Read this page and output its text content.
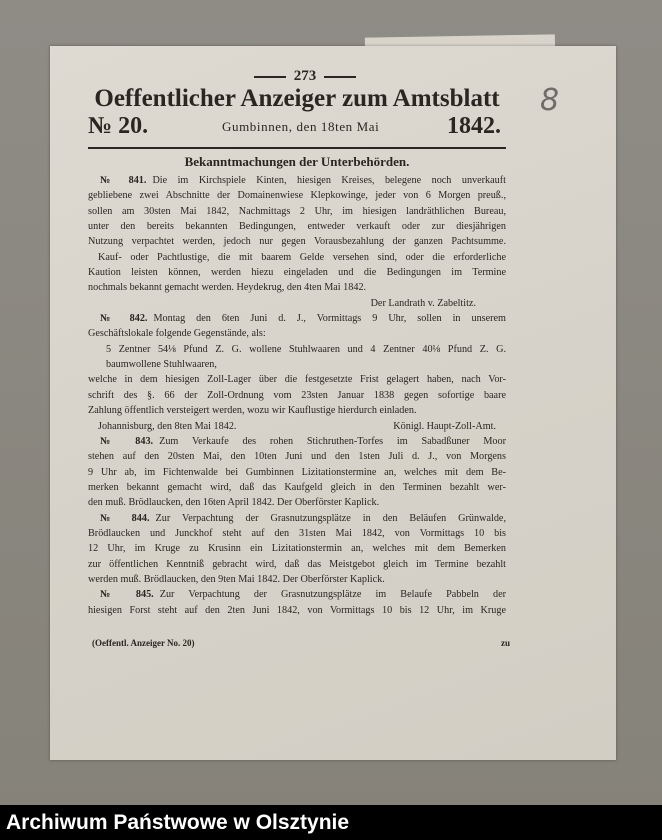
273
Oeffentlicher Anzeiger zum Amtsblatt
№ 20.	Gumbinnen, den 18ten Mai	1842.
8
Bekanntmachungen der Unterbehörden.
№ 841. Die im Kirchspiele Kinten, hiesigen Kreises, belegene noch unverkauft
gebliebene zwei Abschnitte der Domainenwiese Klepkowinge, jeder von 6 Morgen preuß.,
sollen am 30sten Mai 1842, Nachmittags 2 Uhr, im hiesigen landräthlichen Bureau,
unter den bereits bekannten Bedingungen, entweder verkauft oder zur diesjährigen
Nutzung verpachtet werden, jedoch nur gegen Vorausbezahlung der ganzen Pachtsumme.
Kauf- oder Pachtlustige, die mit baarem Gelde versehen sind, oder die erforderliche
Kaution leisten können, werden hiezu eingeladen und die Bedingungen im Termine
nochmals bekannt gemacht werden. Heydekrug, den 4ten Mai 1842.
Der Landrath v. Zabeltitz.
№ 842. Montag den 6ten Juni d. J., Vormittags 9 Uhr, sollen in unserem
Geschäftslokale folgende Gegenstände, als:
5 Zentner 54⅛ Pfund Z. G. wollene Stuhlwaaren und 4 Zentner 40⅛ Pfund Z. G.
baumwollene Stuhlwaaren,
welche in dem hiesigen Zoll-Lager über die festgesetzte Frist gelagert haben, nach Vor-
schrift des §. 66 der Zoll-Ordnung vom 23sten Januar 1838 gegen sofortige baare
Zahlung öffentlich versteigert werden, wozu wir Kauflustige hierdurch einladen.
Johannisburg, den 8ten Mai 1842.	Königl. Haupt-Zoll-Amt.
№ 843. Zum Verkaufe des rohen Stichruthen-Torfes im Sabadßuner Moor
stehen auf den 20sten Mai, den 10ten Juni und den 1sten Juli d. J., von Morgens
9 Uhr ab, im Fichtenwalde bei Gumbinnen Lizitationstermine an, welches mit dem Be-
merken bekannt gemacht wird, daß das Kaufgeld gleich in den Terminen bezahlt wer-
den muß. Brödlaucken, den 16ten April 1842. Der Oberförster Kaplick.
№ 844. Zur Verpachtung der Grasnutzungsplätze in den Beläufen Grünwalde,
Brödlaucken und Junckhof steht auf den 31sten Mai 1842, von Vormittags 10 bis
12 Uhr, im Kruge zu Krusinn ein Lizitationstermin an, welches mit dem Bemerken
zur öffentlichen Kenntniß gebracht wird, daß das Meistgebot gleich im Termine bezahlt
werden muß. Brödlaucken, den 9ten Mai 1842. Der Oberförster Kaplick.
№ 845. Zur Verpachtung der Grasnutzungsplätze im Belaufe Pabbeln der
hiesigen Forst steht auf den 2ten Juni 1842, von Vormittags 10 bis 12 Uhr, im Kruge
(Oeffentl. Anzeiger No. 20)	zu
Archiwum Państwowe w Olsztynie
